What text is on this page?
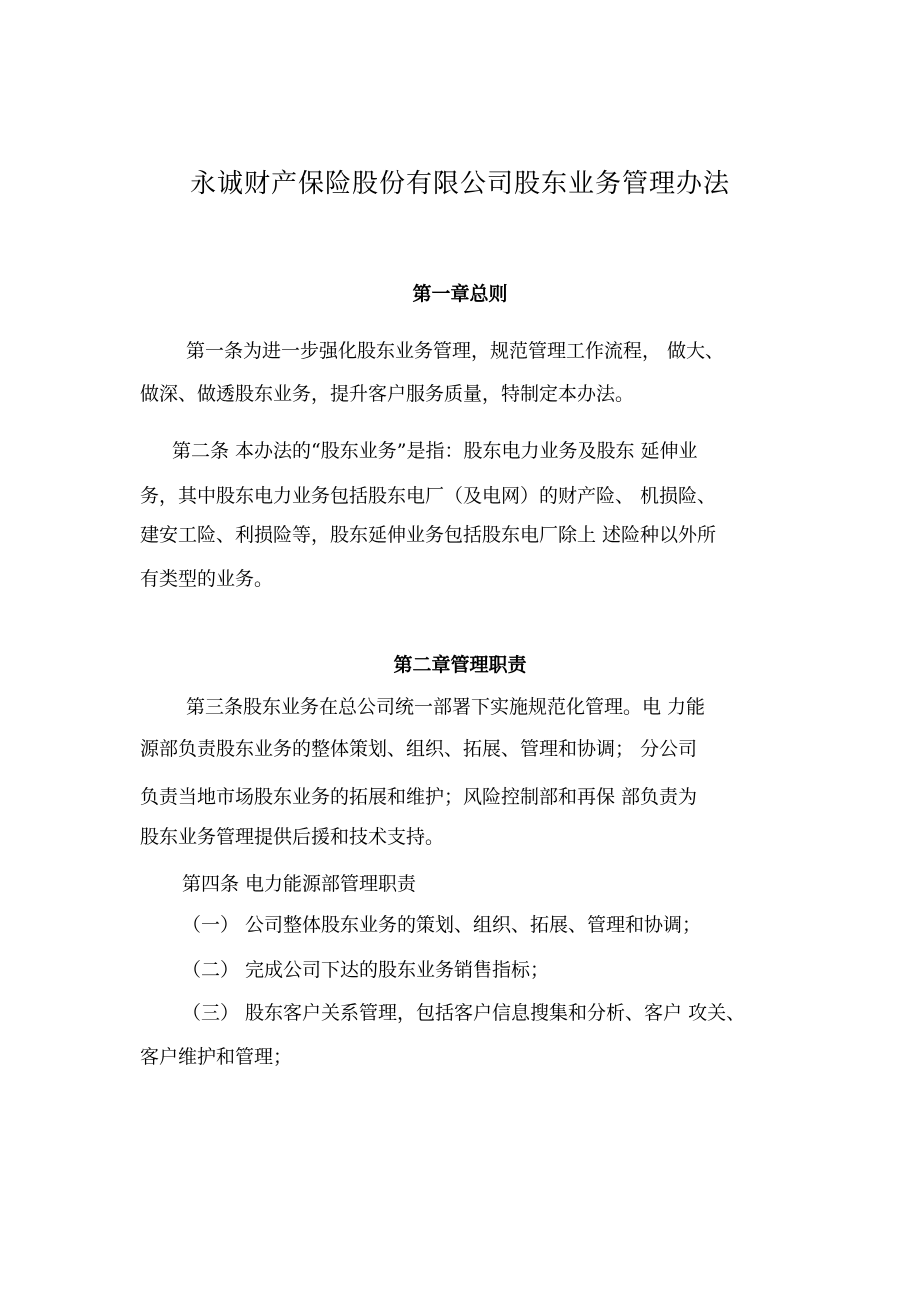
永诚财产保险股份有限公司股东业务管理办法
第一章总则
第一条为进一步强化股东业务管理，规范管理工作流程， 做大、
做深、做透股东业务，提升客户服务质量，特制定本办法。
第二条 本办法的“股东业务”是指：股东电力业务及股东 延伸业
务，其中股东电力业务包括股东电厂（及电网）的财产险、 机损险、
建安工险、利损险等，股东延伸业务包括股东电厂除上 述险种以外所
有类型的业务。
第二章管理职责
第三条股东业务在总公司统一部署下实施规范化管理。电 力能
源部负责股东业务的整体策划、组织、拓展、管理和协调； 分公司
负责当地市场股东业务的拓展和维护；风险控制部和再保 部负责为
股东业务管理提供后援和技术支持。
第四条 电力能源部管理职责
（一） 公司整体股东业务的策划、组织、拓展、管理和协调；
（二） 完成公司下达的股东业务销售指标；
（三） 股东客户关系管理，包括客户信息搜集和分析、客户 攻关、
客户维护和管理；
